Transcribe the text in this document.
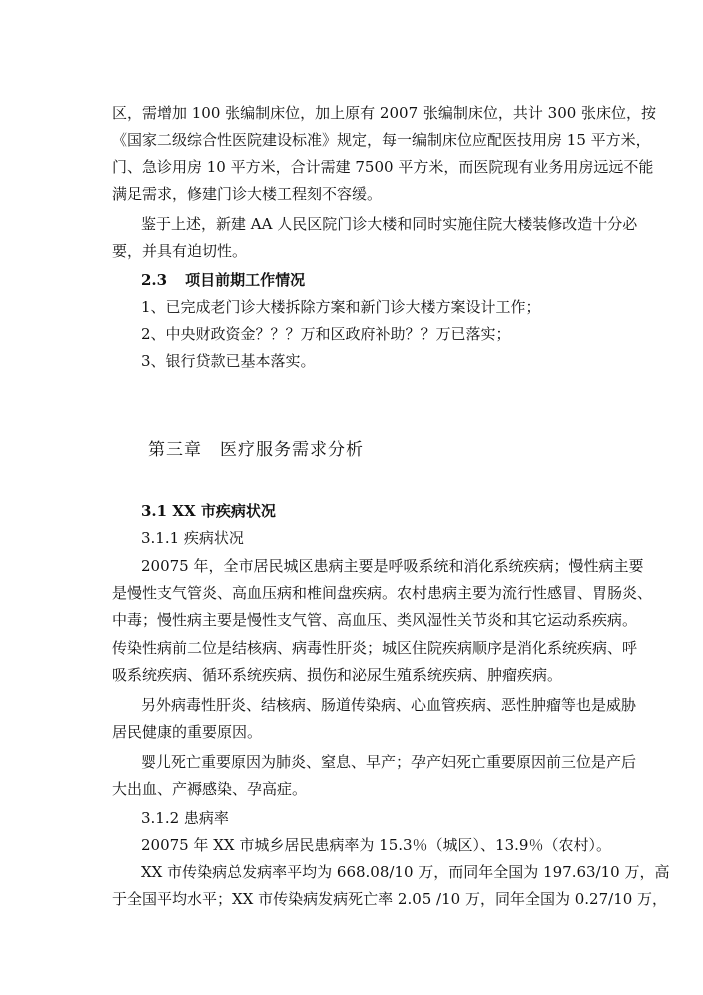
区，需增加 100 张编制床位，加上原有 2007 张编制床位，共计 300 张床位，按
《国家二级综合性医院建设标准》规定，每一编制床位应配医技用房 15 平方米，
门、急诊用房 10 平方米，合计需建 7500 平方米，而医院现有业务用房远远不能
满足需求，修建门诊大楼工程刻不容缓。
鉴于上述，新建 AA 人民区院门诊大楼和同时实施住院大楼装修改造十分必
要，并具有迫切性。
2.3 项目前期工作情况
1、已完成老门诊大楼拆除方案和新门诊大楼方案设计工作；
2、中央财政资金？？？万和区政府补助？？万已落实；
3、银行贷款已基本落实。
第三章 医疗服务需求分析
3.1 XX 市疾病状况
3.1.1 疾病状况
20075 年，全市居民城区患病主要是呼吸系统和消化系统疾病；慢性病主要
是慢性支气管炎、高血压病和椎间盘疾病。农村患病主要为流行性感冒、胃肠炎、
中毒；慢性病主要是慢性支气管、高血压、类风湿性关节炎和其它运动系疾病。
传染性病前二位是结核病、病毒性肝炎；城区住院疾病顺序是消化系统疾病、呼
吸系统疾病、循环系统疾病、损伤和泌尿生殖系统疾病、肿瘤疾病。
另外病毒性肝炎、结核病、肠道传染病、心血管疾病、恶性肿瘤等也是威胁
居民健康的重要原因。
婴儿死亡重要原因为肺炎、窒息、早产；孕产妇死亡重要原因前三位是产后
大出血、产褥感染、孕高症。
3.1.2 患病率
20075 年 XX 市城乡居民患病率为 15.3％（城区）、13.9％（农村）。
XX 市传染病总发病率平均为 668.08/10 万，而同年全国为 197.63/10 万，高
于全国平均水平；XX 市传染病发病死亡率 2.05 /10 万，同年全国为 0.27/10 万，
